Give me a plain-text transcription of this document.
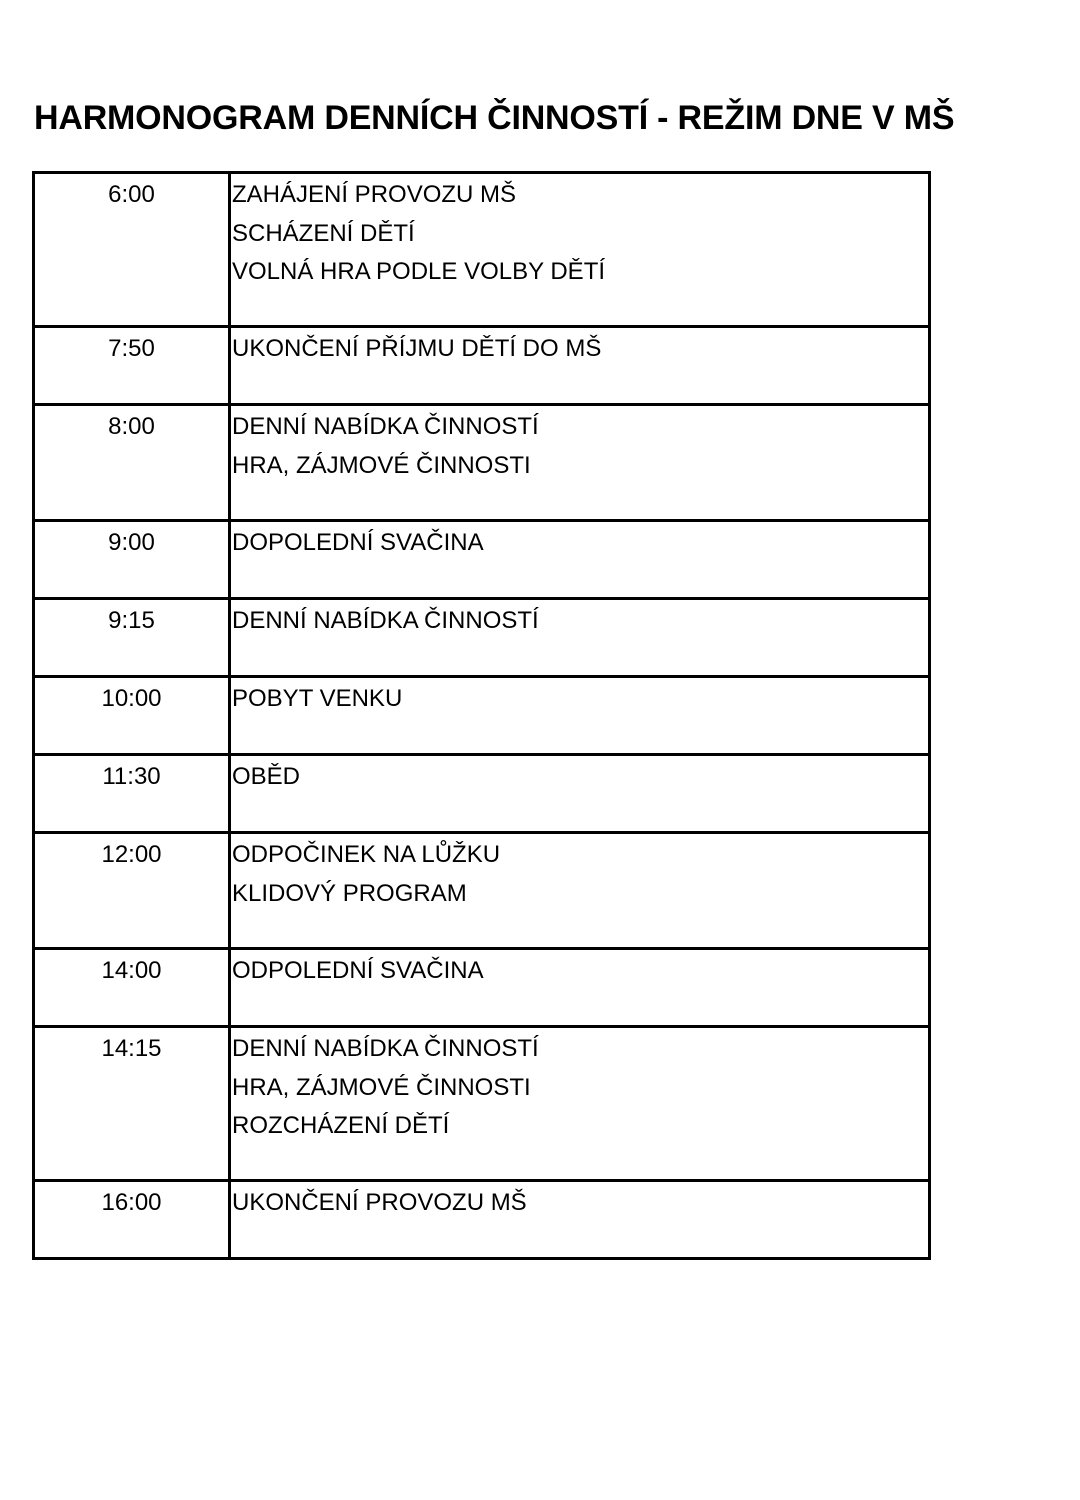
HARMONOGRAM DENNÍCH ČINNOSTÍ - REŽIM DNE V MŠ
6:00	ZAHÁJENÍ PROVOZU MŠ
SCHÁZENÍ DĚTÍ
VOLNÁ HRA PODLE VOLBY DĚTÍ

7:50	UKONČENÍ PŘÍJMU DĚTÍ DO MŠ

8:00	DENNÍ NABÍDKA ČINNOSTÍ
HRA, ZÁJMOVÉ ČINNOSTI

9:00	DOPOLEDNÍ SVAČINA

9:15	DENNÍ NABÍDKA ČINNOSTÍ

10:00	POBYT VENKU

11:30	OBĚD

12:00	ODPOČINEK NA LŮŽKU
KLIDOVÝ PROGRAM

14:00	ODPOLEDNÍ SVAČINA

14:15	DENNÍ NABÍDKA ČINNOSTÍ
HRA, ZÁJMOVÉ ČINNOSTI
ROZCHÁZENÍ DĚTÍ

16:00	UKONČENÍ PROVOZU MŠ
